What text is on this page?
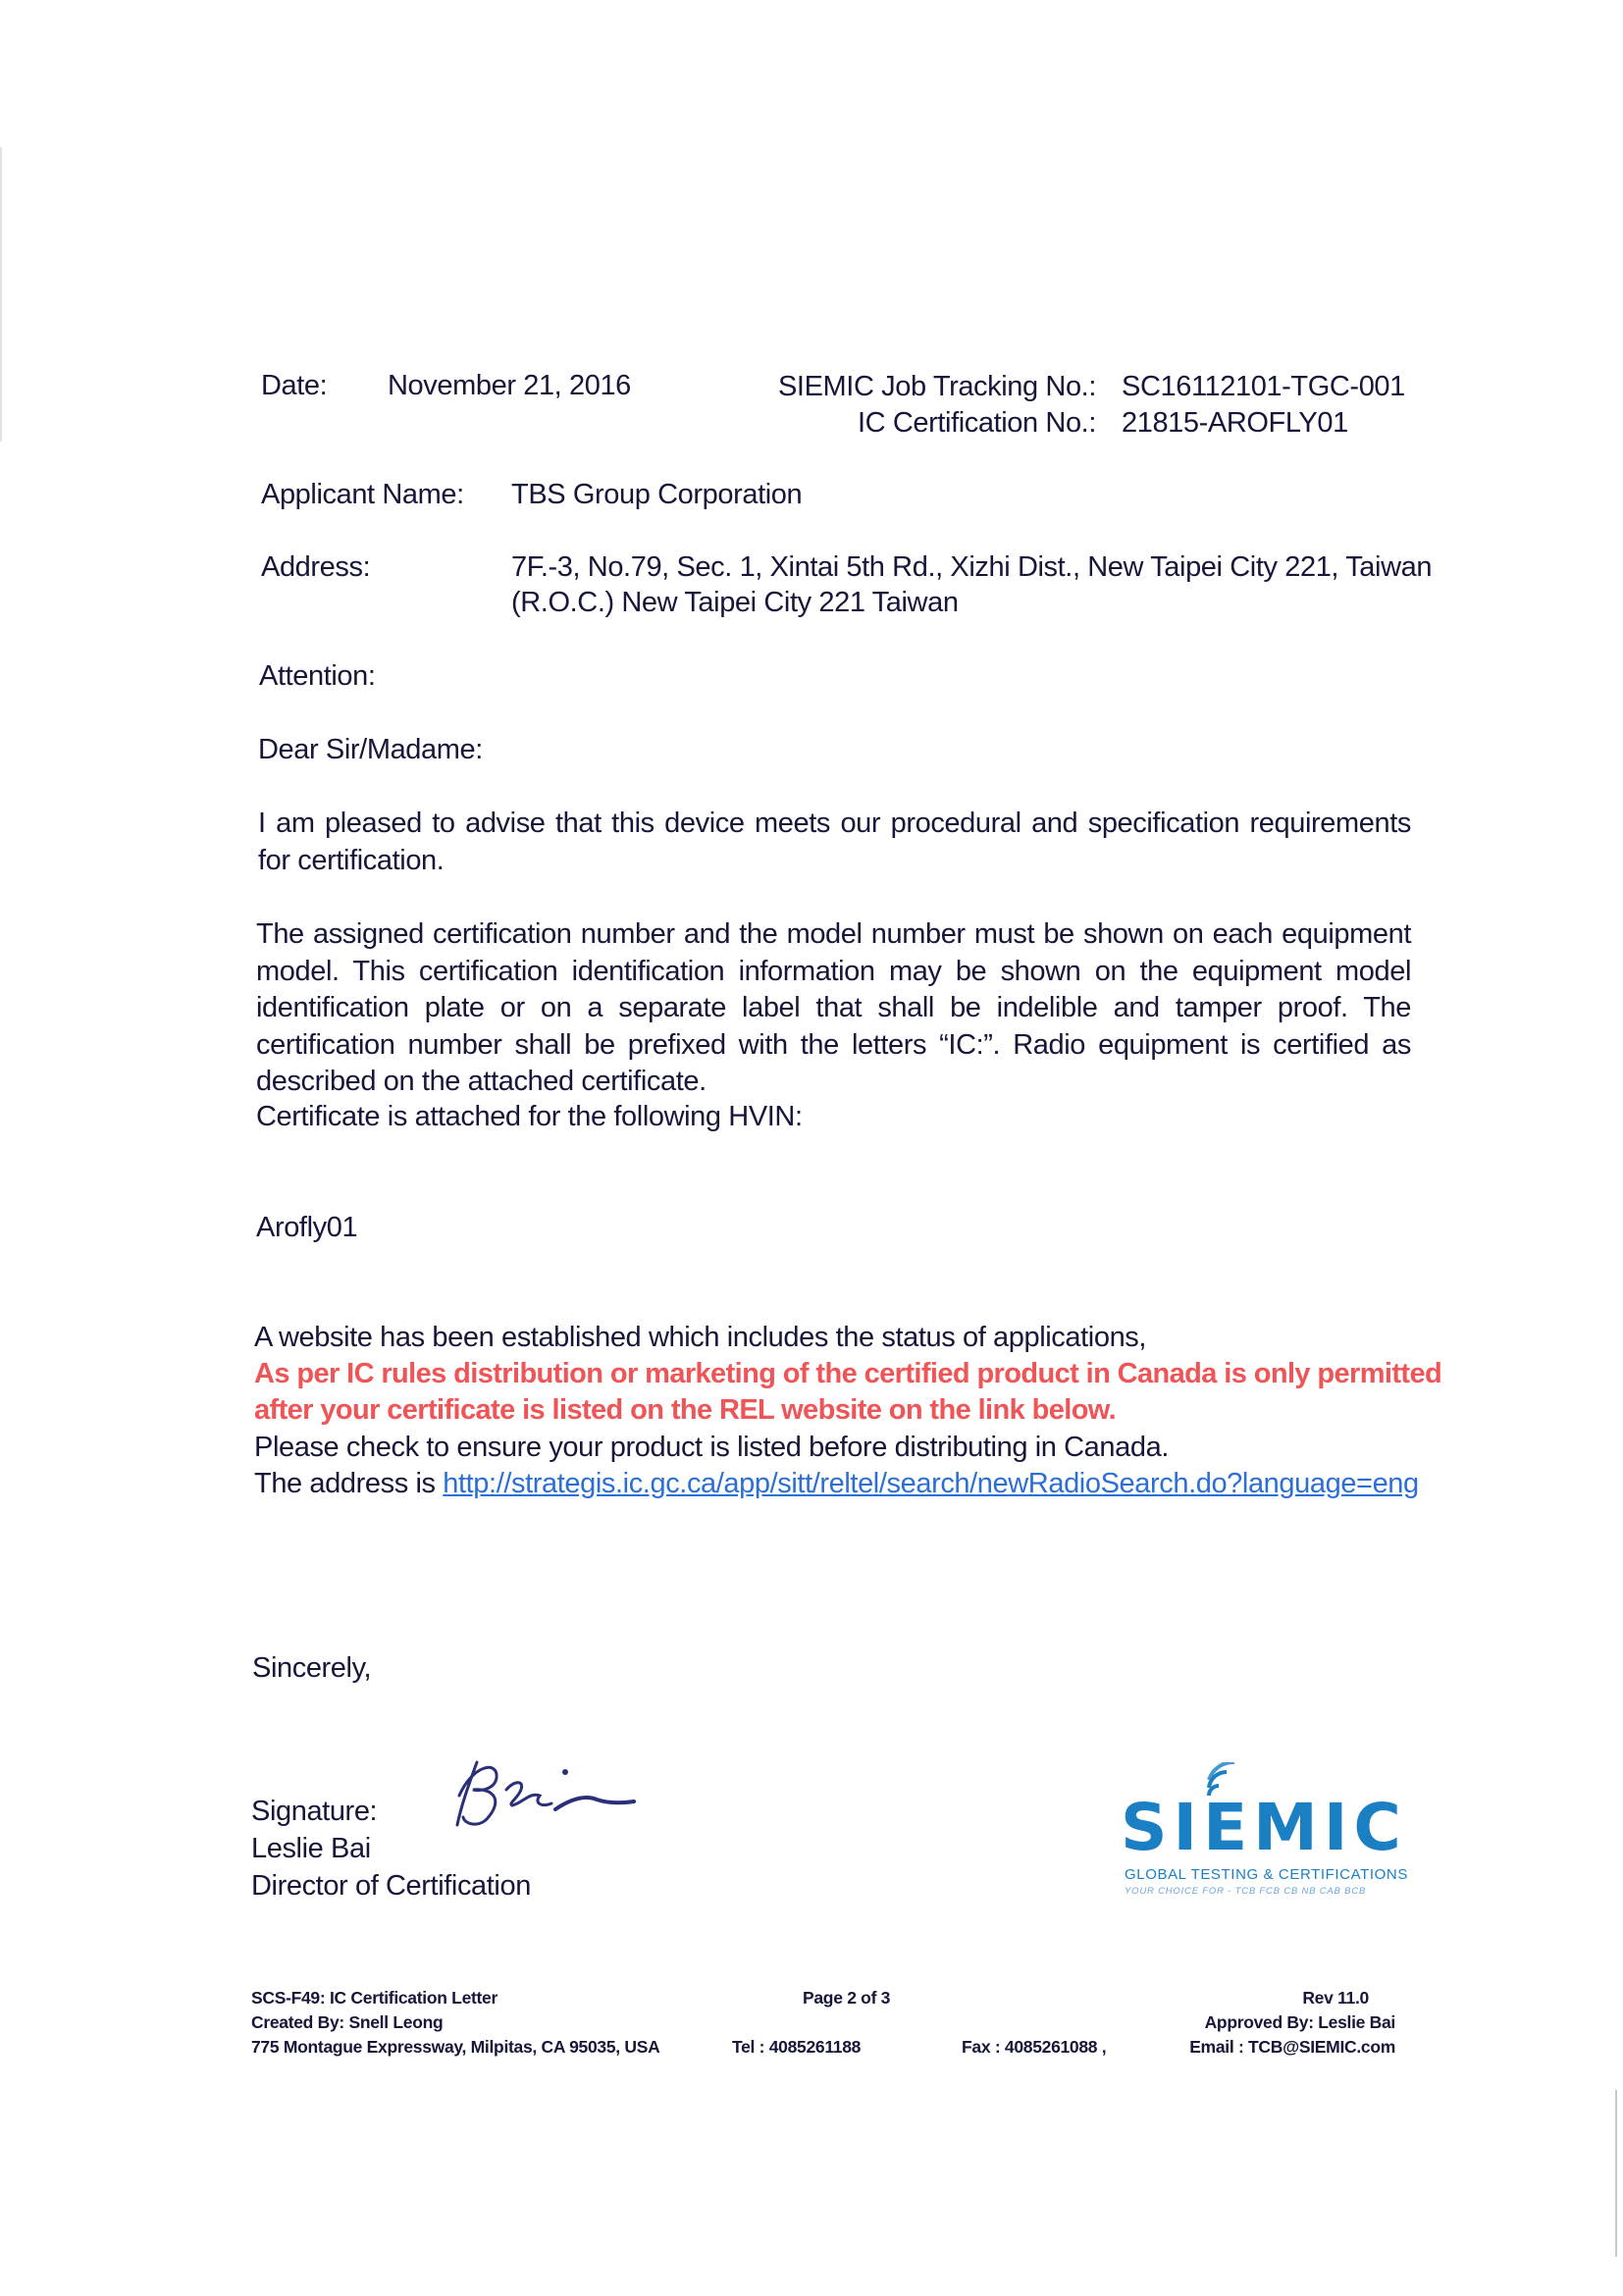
Date: November 21, 2016	SIEMIC Job Tracking No.: SC16112101-TGC-001
IC Certification No.: 21815-AROFLY01
Applicant Name: TBS Group Corporation
Address:	7F.-3, No.79, Sec. 1, Xintai 5th Rd., Xizhi Dist., New Taipei City 221, Taiwan
(R.O.C.) New Taipei City 221 Taiwan
Attention:
Dear Sir/Madame:
I am pleased to advise that this device meets our procedural and specification requirements for certification.
The assigned certification number and the model number must be shown on each equipment model. This certification identification information may be shown on the equipment model identification plate or on a separate label that shall be indelible and tamper proof. The certification number shall be prefixed with the letters “IC:”. Radio equipment is certified as described on the attached certificate.
Certificate is attached for the following HVIN:
Arofly01
A website has been established which includes the status of applications,
As per IC rules distribution or marketing of the certified product in Canada is only permitted
after your certificate is listed on the REL website on the link below.
Please check to ensure your product is listed before distributing in Canada.
The address is http://strategis.ic.gc.ca/app/sitt/reltel/search/newRadioSearch.do?language=eng
Sincerely,
Signature:
Leslie Bai
Director of Certification
SIEMIC
GLOBAL TESTING & CERTIFICATIONS
YOUR CHOICE FOR - TCB FCB CB NB CAB BCB
SCS-F49: IC Certification Letter
Created By: Snell Leong
775 Montague Expressway, Milpitas, CA 95035, USA
Page 2 of 3
Tel : 4085261188	Fax : 4085261088 ,
Rev 11.0
Approved By: Leslie Bai
Email : TCB@SIEMIC.com
